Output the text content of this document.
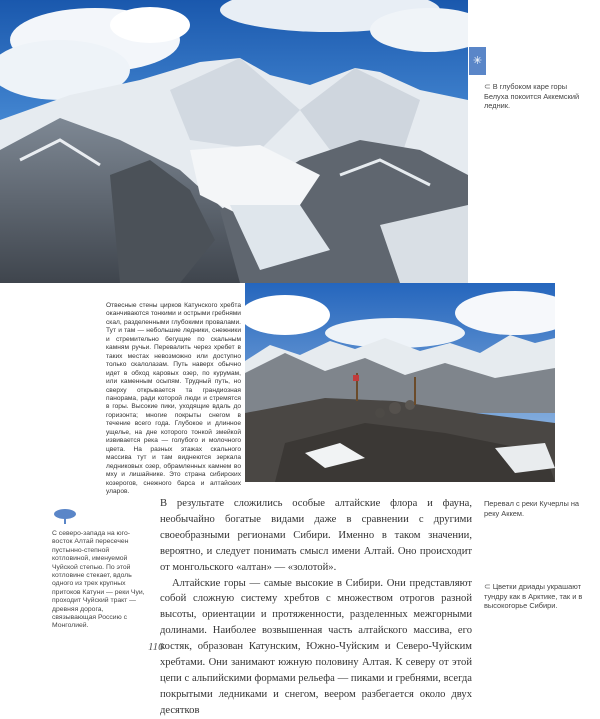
✳
⊂ В глубоком каре горы Белуха покоится Аккемский ледник.
Отвесные стены цирков Катунского хребта оканчиваются тонкими и острыми гребнями скал, разделенными глубокими провалами. Тут и там — небольшие ледники, снежники и стремительно бегущие по скальным камням ручьи. Перевалить через хребет в таких местах невозможно или доступно только скалолазам. Путь наверх обычно идет в обход каровых озер, по курумам, или каменным осыпям. Трудный путь, но сверху открывается та грандиозная панорама, ради которой люди и стремятся в горы. Высокие пики, уходящие вдаль до горизонта; многие покрыты снегом в течение всего года. Глубокое и длинное ущелье, на дне которого тонкой змейкой извивается река — голубого и молочного цвета. На разных этажах скального массива тут и там виднеются зеркала ледниковых озер, обрамленных камнем во мху и лишайнике. Это страна сибирских козерогов, снежного барса и алтайских уларов.
Перевал с реки Кучерлы на реку Аккем.
⊂ Цветки дриады украшают тундру как в Арктике, так и в высокогорье Сибири.
С северо-запада на юго-восток Алтай пересечен пустынно-степной котловиной, именуемой Чуйской степью. По этой котловине стекает, вдоль одного из трех крупных притоков Катуни — реки Чуи, проходит Чуйский тракт — древняя дорога, связывающая Россию с Монголией.

В результате сложились особые алтайские флора и фауна, необычайно богатые видами даже в сравнении с другими своеобразными регионами Сибири. Именно в таком значении, вероятно, и следует понимать смысл имени Алтай. Оно происходит от монгольского «алтан» — «золотой».

Алтайские горы — самые высокие в Сибири. Они представляют собой сложную систему хребтов с множеством отрогов разной высоты, ориентации и протяженности, разделенных межгорными долинами. Наиболее возвышенная часть алтайского массива, его костяк, образован Катунским, Южно-Чуйским и Северо-Чуйским хребтами. Они занимают южную половину Алтая. К северу от этой цепи с альпийскими формами рельефа — пиками и гребнями, всегда покрытыми ледниками и снегом, веером разбегается около двух десятков

110
